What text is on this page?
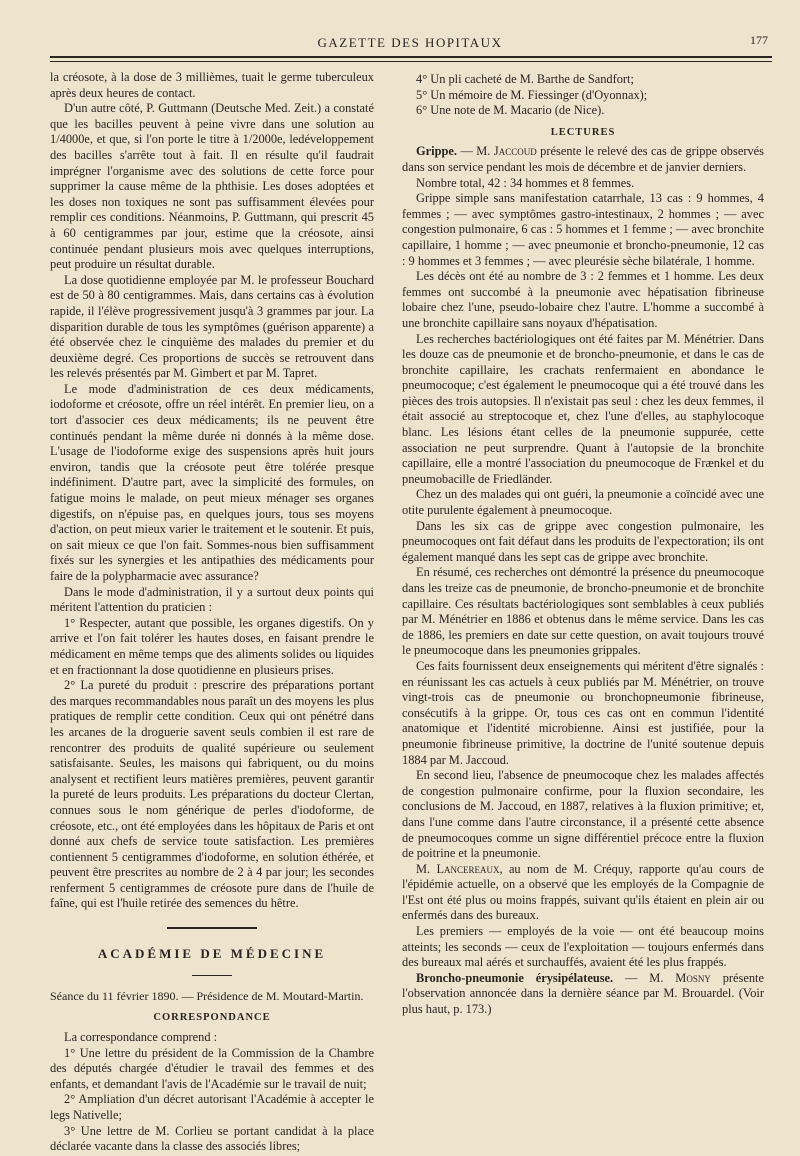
GAZETTE DES HOPITAUX	177

la créosote, à la dose de 3 millièmes, tuait le germe tuberculeux après deux heures de contact.

D'un autre côté, P. Guttmann (Deutsche Med. Zeit.) a constaté que les bacilles peuvent à peine vivre dans une solution au 1/4000e, et que, si l'on porte le titre à 1/2000e, ledéveloppement des bacilles s'arrête tout à fait. Il en résulte qu'il faudrait imprégner l'organisme avec des solutions de cette force pour supprimer la cause même de la phthisie. Les doses adoptées et les doses non toxiques ne sont pas suffisamment élevées pour remplir ces conditions. Néanmoins, P. Guttmann, qui prescrit 45 à 60 centigrammes par jour, estime que la créosote, ainsi continuée pendant plusieurs mois avec quelques interruptions, peut produire un résultat durable.

La dose quotidienne employée par M. le professeur Bouchard est de 50 à 80 centigrammes. Mais, dans certains cas à évolution rapide, il l'élève progressivement jusqu'à 3 grammes par jour. La disparition durable de tous les symptômes (guérison apparente) a été observée chez le cinquième des malades du premier et du deuxième degré. Ces proportions de succès se retrouvent dans les relevés présentés par M. Gimbert et par M. Tapret.

Le mode d'administration de ces deux médicaments, iodoforme et créosote, offre un réel intérêt. En premier lieu, on a tort d'associer ces deux médicaments; ils ne peuvent être continués pendant la même durée ni donnés à la même dose. L'usage de l'iodoforme exige des suspensions après huit jours environ, tandis que la créosote peut être tolérée presque indéfiniment. D'autre part, avec la simplicité des formules, on fatigue moins le malade, on peut mieux ménager ses organes digestifs, on n'épuise pas, en quelques jours, tous ses moyens d'action, on peut mieux varier le traitement et le soutenir. Et puis, on sait mieux ce que l'on fait. Sommes-nous bien suffisamment fixés sur les synergies et les antipathies des médicaments pour faire de la polypharmacie avec assurance?

Dans le mode d'administration, il y a surtout deux points qui méritent l'attention du praticien :

1° Respecter, autant que possible, les organes digestifs. On y arrive et l'on fait tolérer les hautes doses, en faisant prendre le médicament en même temps que des aliments solides ou liquides et en fractionnant la dose quotidienne en plusieurs prises.

2° La pureté du produit : prescrire des préparations portant des marques recommandables nous paraît un des moyens les plus pratiques de remplir cette condition. Ceux qui ont pénétré dans les arcanes de la droguerie savent seuls combien il est rare de rencontrer des produits de qualité supérieure ou seulement satisfaisante. Seules, les maisons qui fabriquent, ou du moins analysent et rectifient leurs matières premières, peuvent garantir la pureté de leurs produits. Les préparations du docteur Clertan, connues sous le nom générique de perles d'iodoforme, de créosote, etc., ont été employées dans les hôpitaux de Paris et ont donné aux chefs de service toute satisfaction. Les premières contiennent 5 centigrammes d'iodoforme, en solution éthérée, et peuvent être prescrites au nombre de 2 à 4 par jour; les secondes renferment 5 centigrammes de créosote pure dans de l'huile de faîne, qui est l'huile retirée des semences du hêtre.

ACADÉMIE DE MÉDECINE

Séance du 11 février 1890. — Présidence de M. Moutard-Martin.

CORRESPONDANCE

La correspondance comprend :

1° Une lettre du président de la Commission de la Chambre des députés chargée d'étudier le travail des femmes et des enfants, et demandant l'avis de l'Académie sur le travail de nuit;

2° Ampliation d'un décret autorisant l'Académie à accepter le legs Nativelle;

3° Une lettre de M. Corlieu se portant candidat à la place déclarée vacante dans la classe des associés libres;

4° Un pli cacheté de M. Barthe de Sandfort;

5° Un mémoire de M. Fiessinger (d'Oyonnax);

6° Une note de M. Macario (de Nice).

LECTURES

Grippe. — M. Jaccoud présente le relevé des cas de grippe observés dans son service pendant les mois de décembre et de janvier derniers.

Nombre total, 42 : 34 hommes et 8 femmes.

Grippe simple sans manifestation catarrhale, 13 cas : 9 hommes, 4 femmes ; — avec symptômes gastro-intestinaux, 2 hommes ; — avec congestion pulmonaire, 6 cas : 5 hommes et 1 femme ; — avec bronchite capillaire, 1 homme ; — avec pneumonie et broncho-pneumonie, 12 cas : 9 hommes et 3 femmes ; — avec pleurésie sèche bilatérale, 1 homme.

Les décès ont été au nombre de 3 : 2 femmes et 1 homme. Les deux femmes ont succombé à la pneumonie avec hépatisation fibrineuse lobaire chez l'une, pseudo-lobaire chez l'autre. L'homme a succombé à une bronchite capillaire sans noyaux d'hépatisation.

Les recherches bactériologiques ont été faites par M. Ménétrier. Dans les douze cas de pneumonie et de broncho-pneumonie, et dans le cas de bronchite capillaire, les crachats renfermaient en abondance le pneumocoque; c'est également le pneumocoque qui a été trouvé dans les pièces des trois autopsies. Il n'existait pas seul : chez les deux femmes, il était associé au streptocoque et, chez l'une d'elles, au staphylocoque blanc. Les lésions étant celles de la pneumonie suppurée, cette association ne peut surprendre. Quant à l'autopsie de la bronchite capillaire, elle a montré l'association du pneumocoque de Frænkel et du pneumobacille de Friedländer.

Chez un des malades qui ont guéri, la pneumonie a coïncidé avec une otite purulente également à pneumocoque.

Dans les six cas de grippe avec congestion pulmonaire, les pneumocoques ont fait défaut dans les produits de l'expectoration; ils ont également manqué dans les sept cas de grippe avec bronchite.

En résumé, ces recherches ont démontré la présence du pneumocoque dans les treize cas de pneumonie, de broncho-pneumonie et de bronchite capillaire. Ces résultats bactériologiques sont semblables à ceux publiés par M. Ménétrier en 1886 et obtenus dans le même service. Dans les cas de 1886, les premiers en date sur cette question, on avait toujours trouvé le pneumocoque dans les pneumonies grippales.

Ces faits fournissent deux enseignements qui méritent d'être signalés : en réunissant les cas actuels à ceux publiés par M. Ménétrier, on trouve vingt-trois cas de pneumonie ou bronchopneumonie fibrineuse, consécutifs à la grippe. Or, tous ces cas ont en commun l'identité anatomique et l'identité microbienne. Ainsi est justifiée, pour la pneumonie fibrineuse primitive, la doctrine de l'unité soutenue depuis 1884 par M. Jaccoud.

En second lieu, l'absence de pneumocoque chez les malades affectés de congestion pulmonaire confirme, pour la fluxion secondaire, les conclusions de M. Jaccoud, en 1887, relatives à la fluxion primitive; et, dans l'une comme dans l'autre circonstance, il a présenté cette absence de pneumocoques comme un signe différentiel précoce entre la fluxion de poitrine et la pneumonie.

M. Lancereaux, au nom de M. Créquy, rapporte qu'au cours de l'épidémie actuelle, on a observé que les employés de la Compagnie de l'Est ont été plus ou moins frappés, suivant qu'ils étaient en plein air ou enfermés dans des bureaux.

Les premiers — employés de la voie — ont été beaucoup moins atteints; les seconds — ceux de l'exploitation — toujours enfermés dans des bureaux mal aérés et surchauffés, avaient été les plus frappés.

Broncho-pneumonie érysipélateuse. — M. Mosny présente l'observation annoncée dans la dernière séance par M. Brouardel. (Voir plus haut, p. 173.)
